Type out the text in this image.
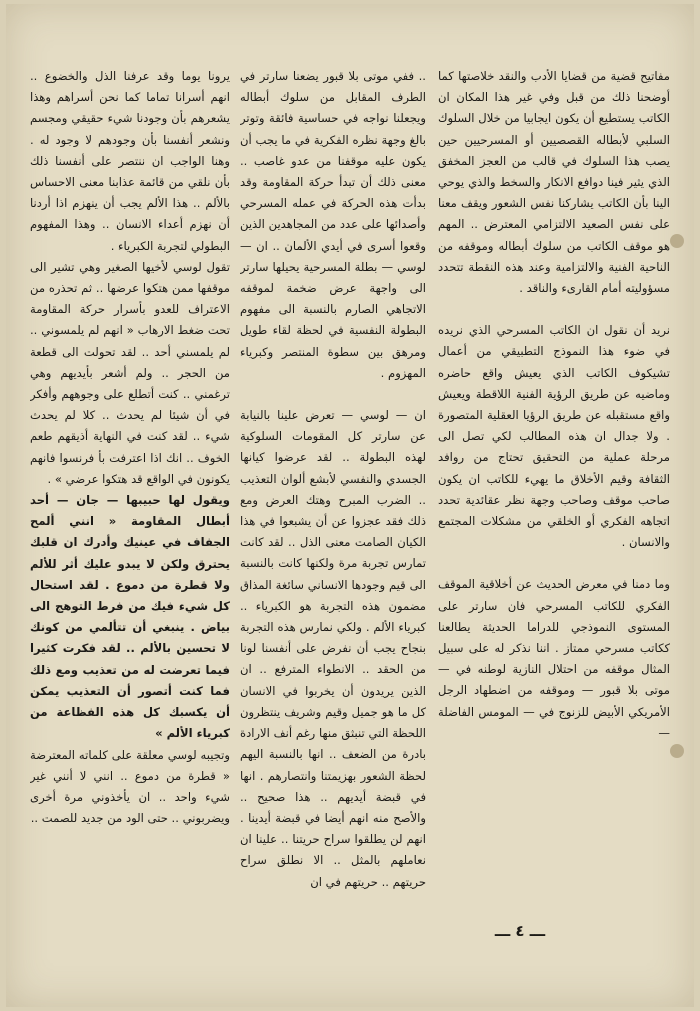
مفاتيح قضية من قضايا الأدب والنقد خلاصتها كما أوضحنا ذلك من قبل وفي غير هذا المكان ان الكاتب يستطيع أن يكون ايجابيا من خلال السلوك السلبي لأبطاله القصصيين أو المسرحيين حين يصب هذا السلوك في قالب من العجز المخفق الذي يثير فينا دوافع الانكار والسخط والذي يوحي الينا بأن الكاتب يشاركنا نفس الشعور ويقف معنا على نفس الصعيد الالتزامي المعترض .. المهم هو موقف الكاتب من سلوك أبطاله وموقفه من الناحية الفنية والالتزامية وعند هذه النقطة تتحدد مسؤوليته أمام القارىء والناقد .

نريد أن نقول ان الكاتب المسرحي الذي نريده في ضوء هذا النموذج التطبيقي من أعمال تشيكوف الكاتب الذي يعيش واقع حاضره وماضيه عن طريق الرؤية الفنية اللاقطة ويعيش واقع مستقبله عن طريق الرؤيا العقلية المتصورة . ولا جدال ان هذه المطالب لكي تصل الى مرحلة عملية من التحقيق تحتاج من روافد الثقافة وقيم الأخلاق ما يهيء للكاتب ان يكون صاحب موقف وصاحب وجهة نظر عقائدية تحدد اتجاهه الفكري أو الخلقي من مشكلات المجتمع والانسان .

وما دمنا في معرض الحديث عن أخلاقية الموقف الفكري للكاتب المسرحي فان سارتر على المستوى النموذجي للدراما الحديثة يطالعنا ككاتب مسرحي ممتاز . اننا نذكر له على سبيل المثال موقفه من احتلال النازية لوطنه في — موتى بلا قبور — وموقفه من اضطهاد الرجل الأمريكي الأبيض للزنوج في — المومس الفاضلة —

.. ففي موتى بلا قبور يضعنا سارتر في الطرف المقابل من سلوك أبطاله ويجعلنا نواجه في حساسية فائقة وتوتر بالغ وجهة نظره الفكرية في ما يجب أن يكون عليه موقفنا من عدو غاصب .. معنى ذلك أن تبدأ حركة المقاومة وقد بدأت هذه الحركة في عمله المسرحي وأصدائها على عدد من المجاهدين الذين وقعوا أسرى في أيدي الألمان .. ان — لوسي — بطلة المسرحية يحيلها سارتر الى واجهة عرض ضخمة لموقفه الاتجاهي الصارم بالنسبة الى مفهوم البطولة النفسية في لحظة لقاء طويل ومرهق بين سطوة المنتصر وكبرياء المهزوم .

ان — لوسي — تعرض علينا بالنيابة عن سارتر كل المقومات السلوكية لهذه البطولة .. لقد عرضوا كيانها الجسدي والنفسي لأبشع ألوان التعذيب .. الضرب المبرح وهتك العرض ومع ذلك فقد عجزوا عن أن يشبعوا في هذا الكيان الصامت معنى الذل .. لقد كانت تمارس تجربة مرة ولكنها كانت بالنسبة الى قيم وجودها الانساني سائغة المذاق مضمون هذه التجربة هو الكبرياء .. كبرياء الألم . ولكي نمارس هذه التجربة بنجاح يجب أن نفرض على أنفسنا لونا من الحقد .. الانطواء المترفع .. ان الذين يريدون أن يخربوا في الانسان كل ما هو جميل وقيم وشريف ينتظرون اللحظة التي تنبثق منها رغم أنف الارادة بادرة من الضعف .. انها بالنسبة اليهم لحظة الشعور بهزيمتنا وانتصارهم . انها في قبضة أيديهم .. هذا صحيح .. والأصح منه انهم أيضا في قبضة أيدينا . انهم لن يطلقوا سراح حريتنا .. علينا ان نعاملهم بالمثل .. الا نطلق سراح حريتهم .. حريتهم في ان

يرونا يوما وقد عرفنا الذل والخضوع .. انهم أسرانا تماما كما نحن أسراهم وهذا يشعرهم بأن وجودنا شيء حقيقي ومجسم ونشعر أنفسنا بأن وجودهم لا وجود له . وهنا الواجب ان ننتصر على أنفسنا ذلك بأن نلقي من قائمة عذابنا معنى الاحساس بالألم .. هذا الألم يجب أن ينهزم اذا أردنا أن نهزم أعداء الانسان .. وهذا المفهوم البطولي لتجربة الكبرياء .

تقول لوسي لأخيها الصغير وهي تشير الى موقفها ممن هتكوا عرضها .. ثم تحذره من الاعتراف للعدو بأسرار حركة المقاومة تحت ضغط الارهاب « انهم لم يلمسوني .. لم يلمسني أحد .. لقد تحولت الى قطعة من الحجر .. ولم أشعر بأيديهم وهي ترغمني .. كنت أتطلع على وجوههم وأفكر في أن شيئا لم يحدث .. كلا لم يحدث شيء .. لقد كنت في النهاية أذيقهم طعم الخوف .. انك اذا اعترفت بأ فرنسوا فانهم يكونون في الواقع قد هتكوا عرضي » .

ويقول لها حبيبها — جان — أحد أبطال المقاومة « انني ألمح الجفاف في عينيك وأدرك ان قلبك يحترق ولكن لا يبدو عليك أثر للألم ولا قطرة من دموع . لقد استحال كل شيء فيك من فرط التوهج الى بياض . ينبغي أن تتألمي من كونك لا تحسين بالألم .. لقد فكرت كثيرا فيما تعرضت له من تعذيب ومع ذلك فما كنت أتصور أن التعذيب يمكن أن يكسبك كل هذه الفظاعة من كبرياء الألم »

وتجيبه لوسي معلقة على كلماته المعترضة « قطرة من دموع .. انني لا أنني غير شيء واحد .. ان يأخذوني مرة أخرى ويضربوني .. حتى الود من جديد للصمت ..

ـــ ٤ ـــ
